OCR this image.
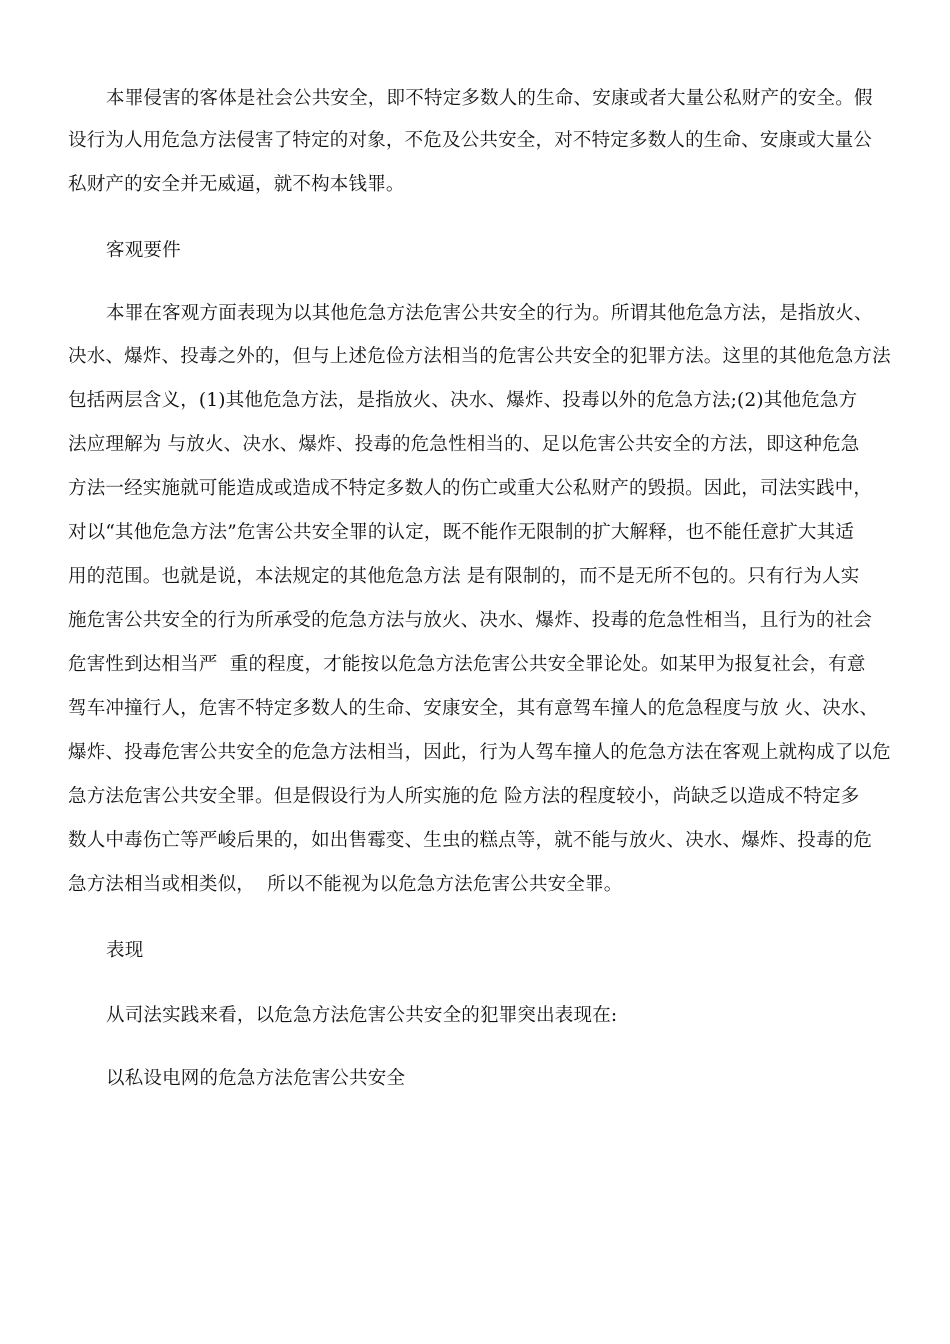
本罪侵害的客体是社会公共安全，即不特定多数人的生命、安康或者大量公私财产的安全。假
设行为人用危急方法侵害了特定的对象，不危及公共安全，对不特定多数人的生命、安康或大量公
私财产的安全并无威逼，就不构本钱罪。
客观要件
本罪在客观方面表现为以其他危急方法危害公共安全的行为。所谓其他危急方法，是指放火、
决水、爆炸、投毒之外的，但与上述危俭方法相当的危害公共安全的犯罪方法。这里的其他危急方法
包括两层含义，(1)其他危急方法，是指放火、决水、爆炸、投毒以外的危急方法;(2)其他危急方
法应理解为 与放火、决水、爆炸、投毒的危急性相当的、足以危害公共安全的方法，即这种危急
方法一经实施就可能造成或造成不特定多数人的伤亡或重大公私财产的毁损。因此，司法实践中，
对以“其他危急方法”危害公共安全罪的认定，既不能作无限制的扩大解释，也不能任意扩大其适
用的范围。也就是说，本法规定的其他危急方法 是有限制的，而不是无所不包的。只有行为人实
施危害公共安全的行为所承受的危急方法与放火、决水、爆炸、投毒的危急性相当，且行为的社会
危害性到达相当严  重的程度，才能按以危急方法危害公共安全罪论处。如某甲为报复社会，有意
驾车冲撞行人，危害不特定多数人的生命、安康安全，其有意驾车撞人的危急程度与放 火、决水、
爆炸、投毒危害公共安全的危急方法相当，因此，行为人驾车撞人的危急方法在客观上就构成了以危
急方法危害公共安全罪。但是假设行为人所实施的危 险方法的程度较小，尚缺乏以造成不特定多
数人中毒伤亡等严峻后果的，如出售霉变、生虫的糕点等，就不能与放火、决水、爆炸、投毒的危
急方法相当或相类似，  所以不能视为以危急方法危害公共安全罪。
表现
从司法实践来看，以危急方法危害公共安全的犯罪突出表现在:
以私设电网的危急方法危害公共安全
